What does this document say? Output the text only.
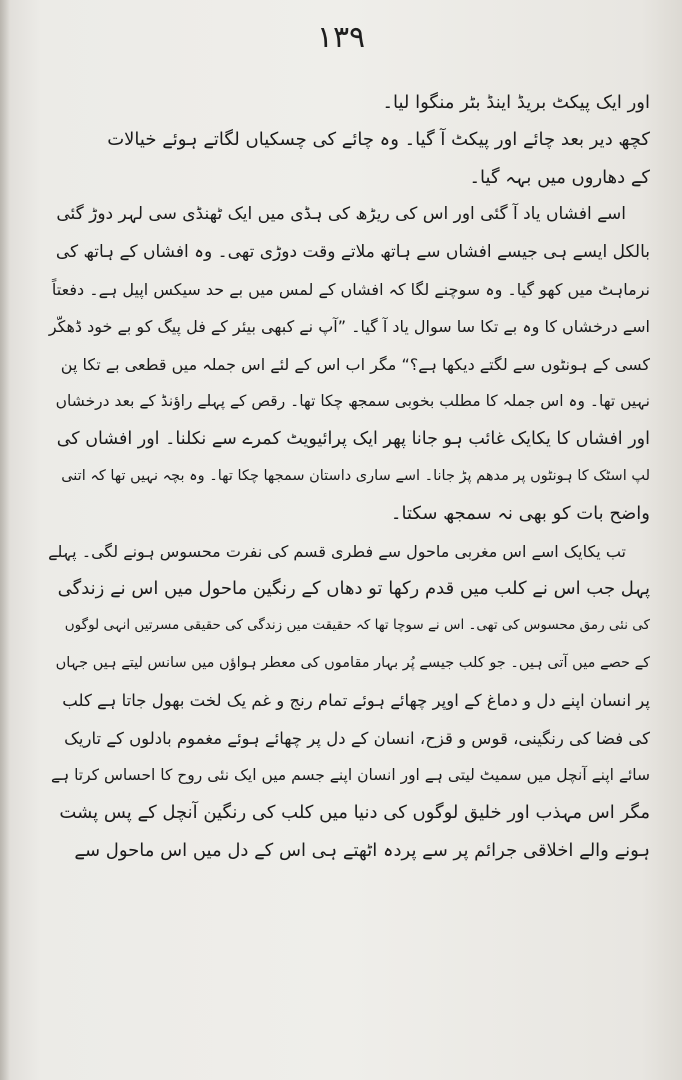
۱۳۹
اور ایک پیکٹ بریڈ اینڈ بٹر منگوا لیا۔
کچھ دیر بعد چائے اور پیکٹ آ گیا۔ وہ چائے کی چسکیاں لگاتے ہوئے خیالات
کے دھاروں میں بہہ گیا۔
اسے افشاں یاد آ گئی اور اس کی ریڑھ کی ہڈی میں ایک ٹھنڈی سی لہر دوڑ گئی
بالکل ایسے ہی جیسے افشاں سے ہاتھ ملاتے وقت دوڑی تھی۔ وہ افشاں کے ہاتھ کی
نرماہٹ میں کھو گیا۔ وہ سوچنے لگا کہ افشاں کے لمس میں بے حد سیکس اپیل ہے۔ دفعتاً
اسے درخشاں کا وہ بے تکا سا سوال یاد آ گیا۔ ”آپ نے کبھی بیئر کے فل پیگ کو بے خود ڈھکّر
کسی کے ہونٹوں سے لگتے دیکھا ہے؟“ مگر اب اس کے لئے اس جملہ میں قطعی بے تکا پن
نہیں تھا۔ وہ اس جملہ کا مطلب بخوبی سمجھ چکا تھا۔ رقص کے پہلے راؤنڈ کے بعد درخشاں
اور افشاں کا یکایک غائب ہو جانا پھر ایک پرائیویٹ کمرے سے نکلنا۔ اور افشاں کی
لپ اسٹک کا ہونٹوں پر مدھم پڑ جانا۔ اسے ساری داستان سمجھا چکا تھا۔ وہ بچہ نہیں تھا کہ اتنی
واضح بات کو بھی نہ سمجھ سکتا۔
تب یکایک اسے اس مغربی ماحول سے فطری قسم کی نفرت محسوس ہونے لگی۔ پہلے
پہل جب اس نے کلب میں قدم رکھا تو دھاں کے رنگین ماحول میں اس نے زندگی
کی نئی رمق محسوس کی تھی۔ اس نے سوچا تھا کہ حقیقت میں زندگی کی حقیقی مسرتیں انہی لوگوں
کے حصے میں آتی ہیں۔ جو کلب جیسے پُر بہار مقاموں کی معطر ہواؤں میں سانس لیتے ہیں جہاں
پر انسان اپنے دل و دماغ کے اوپر چھائے ہوئے تمام رنج و غم یک لخت بھول جاتا ہے کلب
کی فضا کی رنگینی، قوس و قزح، انسان کے دل پر چھائے ہوئے مغموم بادلوں کے تاریک
سائے اپنے آنچل میں سمیٹ لیتی ہے اور انسان اپنے جسم میں ایک نئی روح کا احساس کرتا ہے
مگر اس مہذب اور خلیق لوگوں کی دنیا میں کلب کی رنگین آنچل کے پس پشت
ہونے والے اخلاقی جرائم پر سے پردہ اٹھتے ہی اس کے دل میں اس ماحول سے
